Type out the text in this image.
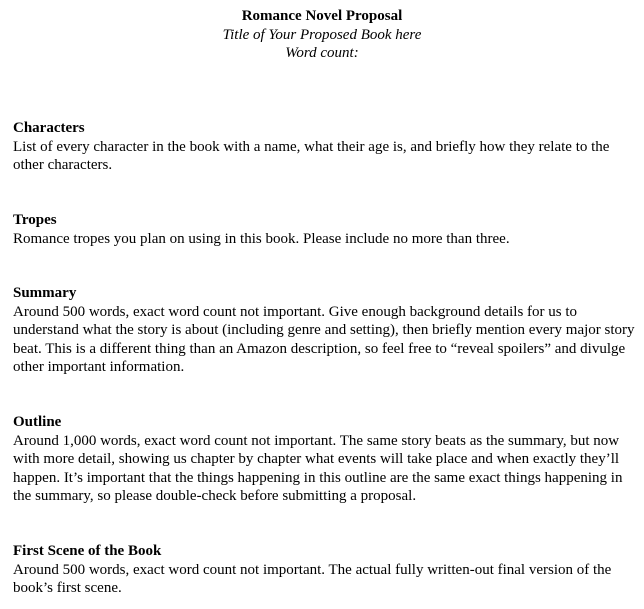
Romance Novel Proposal
Title of Your Proposed Book here
Word count:
Characters

List of every character in the book with a name, what their age is, and briefly how they relate to the other characters.

Tropes

Romance tropes you plan on using in this book. Please include no more than three.

Summary

Around 500 words, exact word count not important. Give enough background details for us to understand what the story is about (including genre and setting), then briefly mention every major story beat. This is a different thing than an Amazon description, so feel free to “reveal spoilers” and divulge other important information.

Outline

Around 1,000 words, exact word count not important. The same story beats as the summary, but now with more detail, showing us chapter by chapter what events will take place and when exactly they’ll happen. It’s important that the things happening in this outline are the same exact things happening in the summary, so please double-check before submitting a proposal.

First Scene of the Book

Around 500 words, exact word count not important. The actual fully written-out final version of the book’s first scene.
